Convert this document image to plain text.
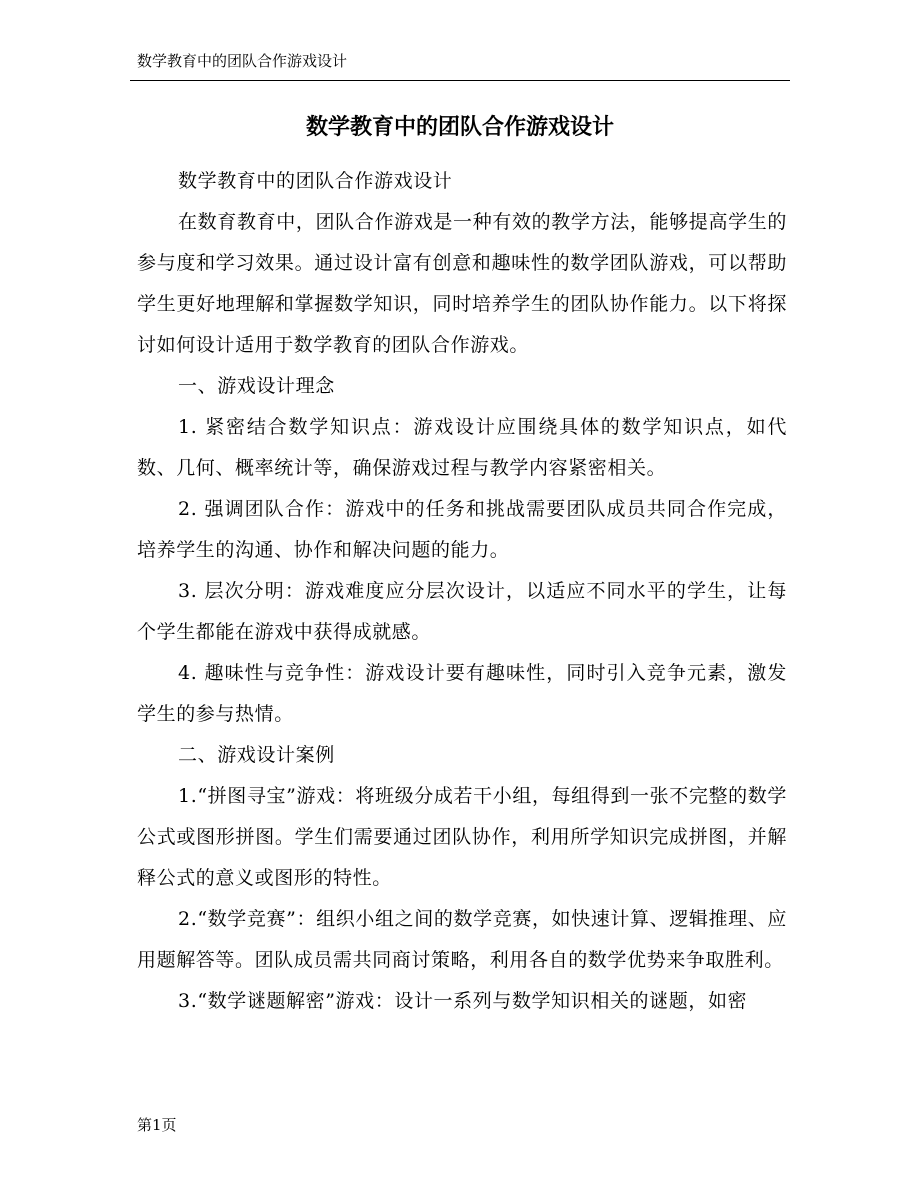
数学教育中的团队合作游戏设计
数学教育中的团队合作游戏设计

数学教育中的团队合作游戏设计

在数育教育中，团队合作游戏是一种有效的教学方法，能够提高学生的参与度和学习效果。通过设计富有创意和趣味性的数学团队游戏，可以帮助学生更好地理解和掌握数学知识，同时培养学生的团队协作能力。以下将探讨如何设计适用于数学教育的团队合作游戏。

一、游戏设计理念

1. 紧密结合数学知识点：游戏设计应围绕具体的数学知识点，如代数、几何、概率统计等，确保游戏过程与教学内容紧密相关。

2. 强调团队合作：游戏中的任务和挑战需要团队成员共同合作完成，培养学生的沟通、协作和解决问题的能力。

3. 层次分明：游戏难度应分层次设计，以适应不同水平的学生，让每个学生都能在游戏中获得成就感。

4. 趣味性与竞争性：游戏设计要有趣味性，同时引入竞争元素，激发学生的参与热情。

二、游戏设计案例

1.“拼图寻宝”游戏：将班级分成若干小组，每组得到一张不完整的数学公式或图形拼图。学生们需要通过团队协作，利用所学知识完成拼图，并解释公式的意义或图形的特性。

2.“数学竞赛”：组织小组之间的数学竞赛，如快速计算、逻辑推理、应用题解答等。团队成员需共同商讨策略，利用各自的数学优势来争取胜利。

3.“数学谜题解密”游戏：设计一系列与数学知识相关的谜题，如密

第1页
